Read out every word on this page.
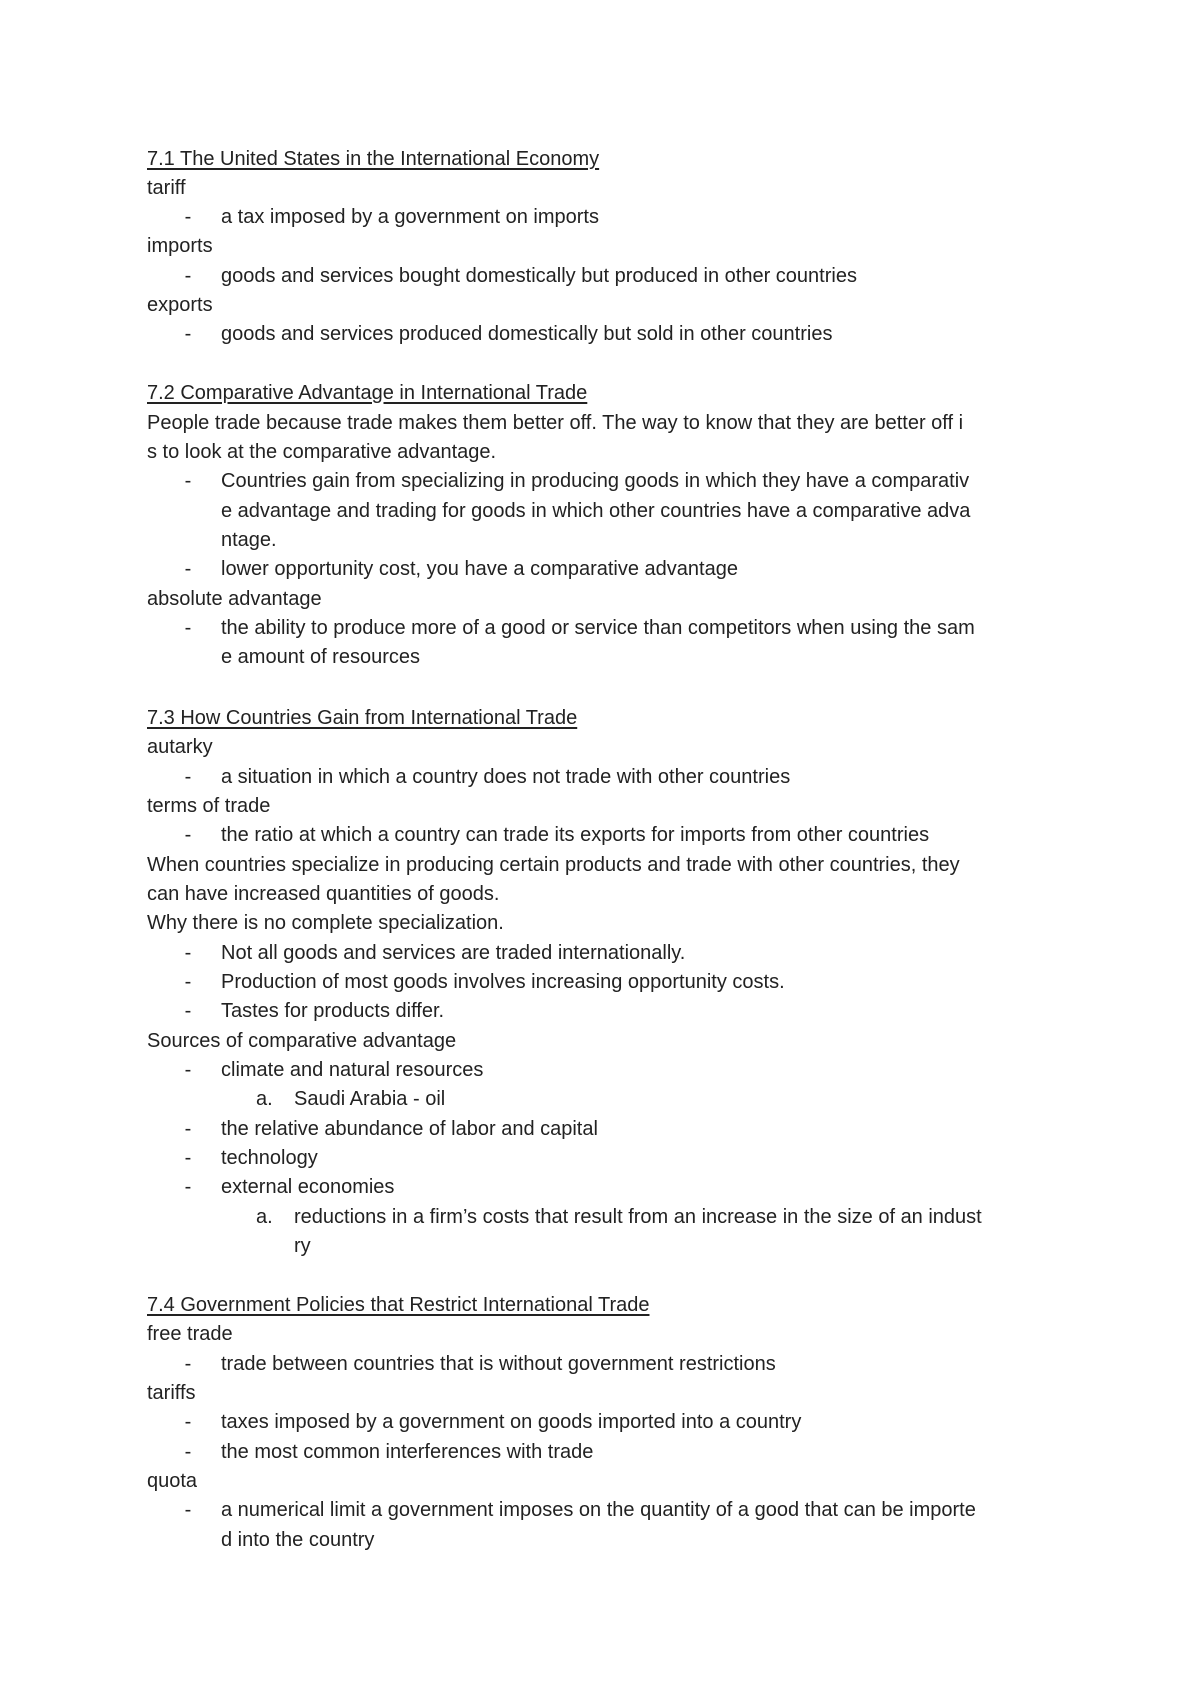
7.1 The United States in the International Economy
tariff
- a tax imposed by a government on imports
imports
- goods and services bought domestically but produced in other countries
exports
- goods and services produced domestically but sold in other countries
7.2 Comparative Advantage in International Trade
People trade because trade makes them better off. The way to know that they are better off i
s to look at the comparative advantage.
- Countries gain from specializing in producing goods in which they have a comparativ
e advantage and trading for goods in which other countries have a comparative adva
ntage.
- lower opportunity cost, you have a comparative advantage
absolute advantage
- the ability to produce more of a good or service than competitors when using the sam
e amount of resources
7.3 How Countries Gain from International Trade
autarky
- a situation in which a country does not trade with other countries
terms of trade
- the ratio at which a country can trade its exports for imports from other countries
When countries specialize in producing certain products and trade with other countries, they
can have increased quantities of goods.
Why there is no complete specialization.
- Not all goods and services are traded internationally.
- Production of most goods involves increasing opportunity costs.
- Tastes for products differ.
Sources of comparative advantage
- climate and natural resources
a. Saudi Arabia - oil
- the relative abundance of labor and capital
- technology
- external economies
a. reductions in a firm’s costs that result from an increase in the size of an indust
ry
7.4 Government Policies that Restrict International Trade
free trade
- trade between countries that is without government restrictions
tariffs
- taxes imposed by a government on goods imported into a country
- the most common interferences with trade
quota
- a numerical limit a government imposes on the quantity of a good that can be importe
d into the country
